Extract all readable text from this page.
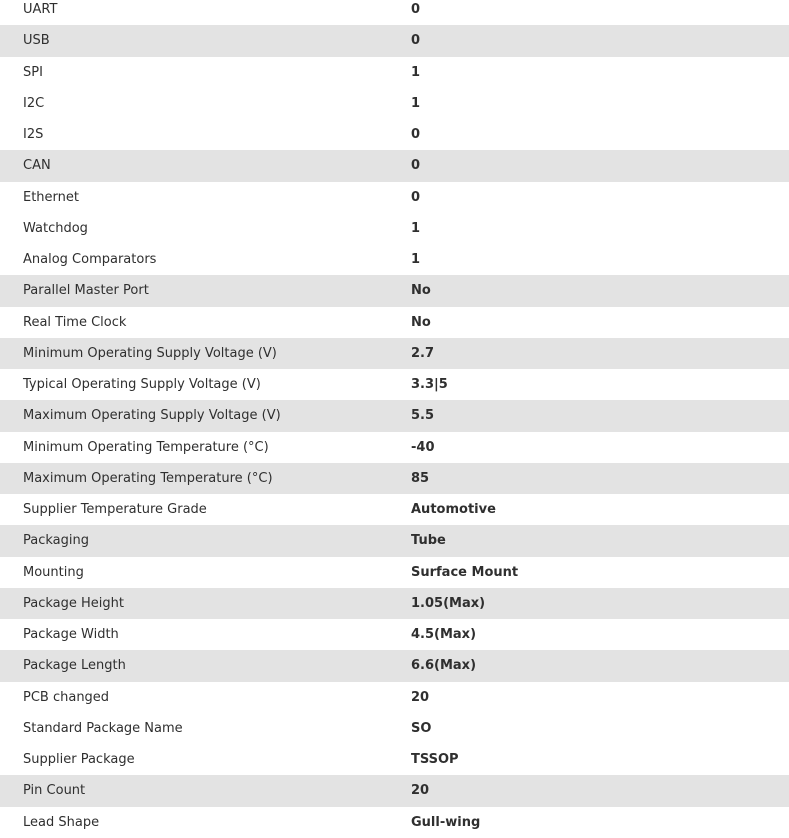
UART	0
USB	0
SPI	1
I2C	1
I2S	0
CAN	0
Ethernet	0
Watchdog	1
Analog Comparators	1
Parallel Master Port	No
Real Time Clock	No
Minimum Operating Supply Voltage (V)	2.7
Typical Operating Supply Voltage (V)	3.3|5
Maximum Operating Supply Voltage (V)	5.5
Minimum Operating Temperature (°C)	-40
Maximum Operating Temperature (°C)	85
Supplier Temperature Grade	Automotive
Packaging	Tube
Mounting	Surface Mount
Package Height	1.05(Max)
Package Width	4.5(Max)
Package Length	6.6(Max)
PCB changed	20
Standard Package Name	SO
Supplier Package	TSSOP
Pin Count	20
Lead Shape	Gull-wing
